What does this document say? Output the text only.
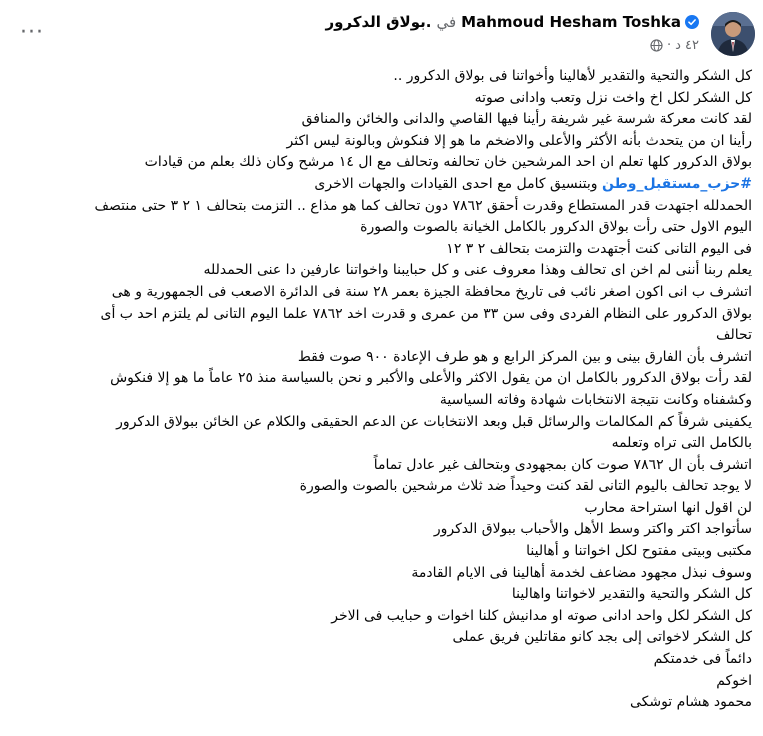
···	بولاق الدكرور. في Mahmoud Hesham Toshka
٤٢ د
·

كل الشكر والتحية والتقدير لأهالينا وأخواتنا فى بولاق الدكرور ..

كل الشكر لكل اخ واخت نزل وتعب وادانى صوته

لقد كانت معركة شرسة غير شريفة رأينا فيها القاصي والدانى والخائن والمنافق

رأينا ان من يتحدث بأنه الأكثر والأعلى والاضخم ما هو إلا فنكوش وبالونة ليس اكثر

بولاق الدكرور كلها تعلم ان احد المرشحين خان تحالفه وتحالف مع ال ١٤ مرشح وكان ذلك بعلم من قيادات

#حزب_مستقبل_وطن وبتنسيق كامل مع احدى القيادات والجهات الاخرى

الحمدلله اجتهدت قدر المستطاع وقدرت أحقق ٧٨٦٢ دون تحالف كما هو مذاع .. التزمت بتحالف ١ ٢ ٣ حتى منتصف

اليوم الاول حتى رأت بولاق الدكرور بالكامل الخيانة بالصوت والصورة

فى اليوم التانى كنت أجتهدت والتزمت بتحالف ٢ ٣ ١٢

يعلم ربنا أننى لم اخن اى تحالف وهذا معروف عنى و كل حبايبنا واخواتنا عارفين دا عنى الحمدلله

اتشرف ب انى اكون اصغر نائب فى تاريخ محافظة الجيزة بعمر ٢٨ سنة فى الدائرة الاصعب فى الجمهورية و هى

بولاق الدكرور على النظام الفردى وفى سن ٣٣ من عمرى و قدرت اخد ٧٨٦٢ علما اليوم التانى لم يلتزم احد ب أى

تحالف

اتشرف بأن الفارق بينى و بين المركز الرابع و هو طرف الإعادة ٩٠٠ صوت فقط

لقد رأت بولاق الدكرور بالكامل ان من يقول الاكثر والأعلى والأكبر و نحن بالسياسة منذ ٢٥ عاماً ما هو إلا فنكوش

وكشفناه وكانت نتيجة الانتخابات شهادة وفاته السياسية

يكفينى شرفاً كم المكالمات والرسائل قبل وبعد الانتخابات عن الدعم الحقيقى والكلام عن الخائن ببولاق الدكرور

بالكامل التى تراه وتعلمه

اتشرف بأن ال ٧٨٦٢ صوت كان بمجهودى وبتحالف غير عادل تماماً

لا يوجد تحالف باليوم التانى لقد كنت وحيداً ضد ثلاث مرشحين بالصوت والصورة

لن اقول انها استراحة محارب

سأتواجد اكتر واكتر وسط الأهل والأحباب ببولاق الدكرور

مكتبى وبيتى مفتوح لكل اخواتنا و أهالينا

وسوف نبذل مجهود مضاعف لخدمة أهالينا فى الايام القادمة

كل الشكر والتحية والتقدير لاخواتنا واهالينا

كل الشكر لكل واحد ادانى صوته او مدانيش كلنا اخوات و حبايب فى الاخر

كل الشكر لاخواتى إلى بجد كانو مقاتلين فريق عملى

دائماً فى خدمتكم

اخوكم

محمود هشام توشكى
